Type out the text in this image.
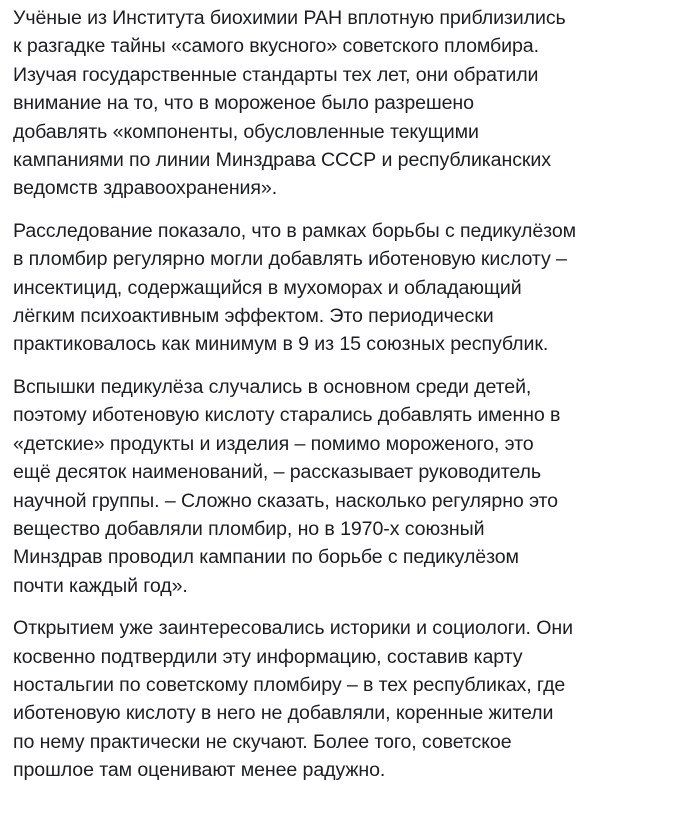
Учёные из Института биохимии РАН вплотную приблизились
к разгадке тайны «самого вкусного» советского пломбира.
Изучая государственные стандарты тех лет, они обратили
внимание на то, что в мороженое было разрешено
добавлять «компоненты, обусловленные текущими
кампаниями по линии Минздрава СССР и республиканских
ведомств здравоохранения».

Расследование показало, что в рамках борьбы с педикулёзом
в пломбир регулярно могли добавлять иботеновую кислоту –
инсектицид, содержащийся в мухоморах и обладающий
лёгким психоактивным эффектом. Это периодически
практиковалось как минимум в 9 из 15 союзных республик.

Вспышки педикулёза случались в основном среди детей,
поэтому иботеновую кислоту старались добавлять именно в
«детские» продукты и изделия – помимо мороженого, это
ещё десяток наименований, – рассказывает руководитель
научной группы. – Сложно сказать, насколько регулярно это
вещество добавляли пломбир, но в 1970-х союзный
Минздрав проводил кампании по борьбе с педикулёзом
почти каждый год».

Открытием уже заинтересовались историки и социологи. Они
косвенно подтвердили эту информацию, составив карту
ностальгии по советскому пломбиру – в тех республиках, где
иботеновую кислоту в него не добавляли, коренные жители
по нему практически не скучают. Более того, советское
прошлое там оценивают менее радужно.
